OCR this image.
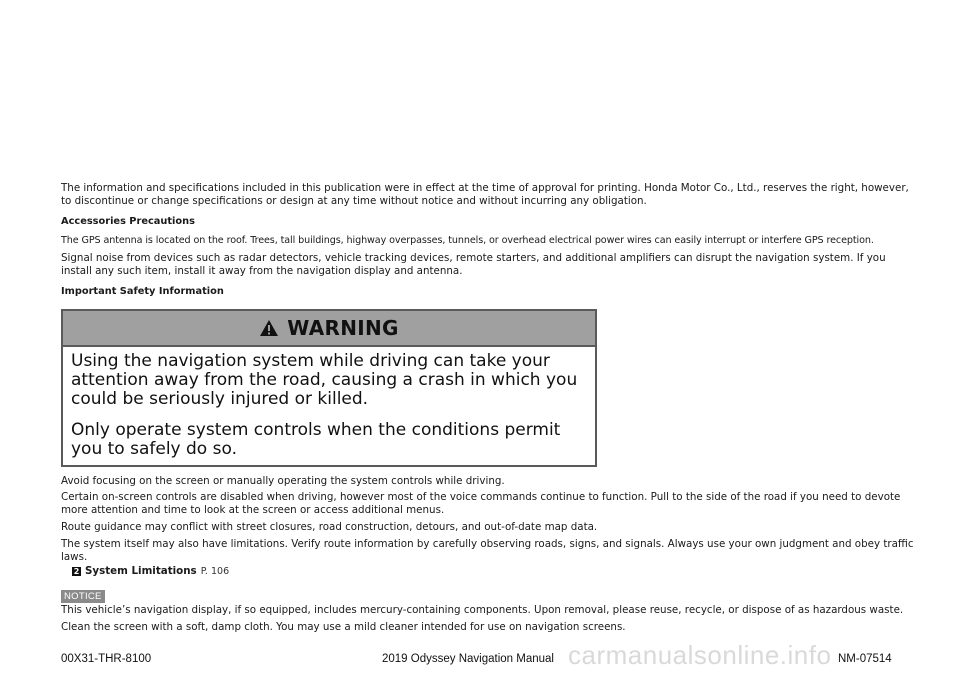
The information and specifications included in this publication were in effect at the time of approval for printing. Honda Motor Co., Ltd., reserves the right, however, to discontinue or change specifications or design at any time without notice and without incurring any obligation.

Accessories Precautions

The GPS antenna is located on the roof. Trees, tall buildings, highway overpasses, tunnels, or overhead electrical power wires can easily interrupt or interfere GPS reception.

Signal noise from devices such as radar detectors, vehicle tracking devices, remote starters, and additional amplifiers can disrupt the navigation system. If you install any such item, install it away from the navigation display and antenna.

Important Safety Information

WARNING

Using the navigation system while driving can take your attention away from the road, causing a crash in which you could be seriously injured or killed.

Only operate system controls when the conditions permit you to safely do so.

Avoid focusing on the screen or manually operating the system controls while driving.

Certain on-screen controls are disabled when driving, however most of the voice commands continue to function. Pull to the side of the road if you need to devote more attention and time to look at the screen or access additional menus.

Route guidance may conflict with street closures, road construction, detours, and out-of-date map data.

The system itself may also have limitations. Verify route information by carefully observing roads, signs, and signals. Always use your own judgment and obey traffic laws.

2 System Limitations P. 106
NOTICE

This vehicle’s navigation display, if so equipped, includes mercury-containing components. Upon removal, please reuse, recycle, or dispose of as hazardous waste.

Clean the screen with a soft, damp cloth. You may use a mild cleaner intended for use on navigation screens.

carmanualsonline.info
00X31-THR-8100	2019 Odyssey Navigation Manual	NM-07514
